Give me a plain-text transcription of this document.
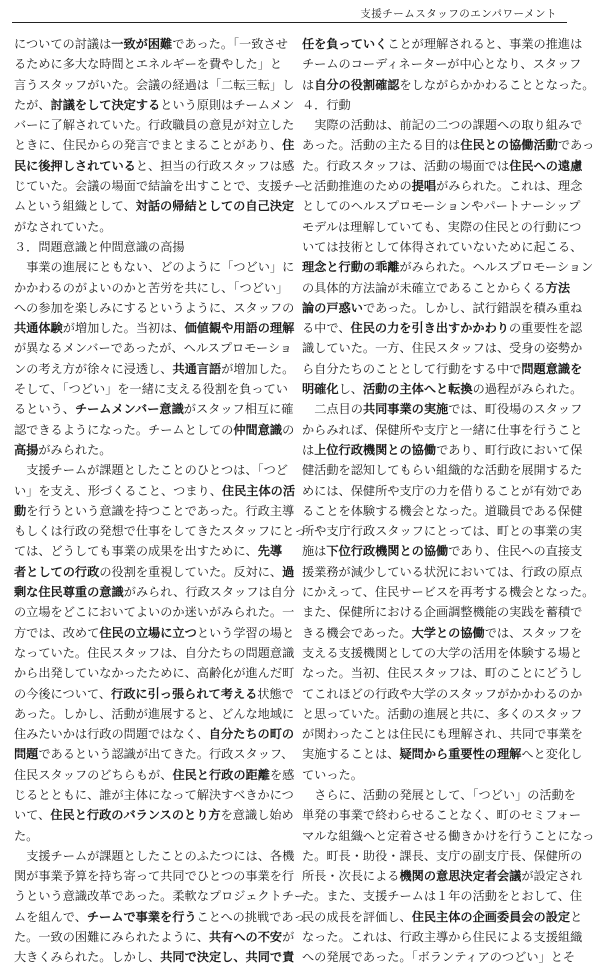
支援チームスタッフのエンパワーメント
についての討議は一致が困難であった。「一致させ
るために多大な時間とエネルギーを費やした」と
言うスタッフがいた。会議の経過は「二転三転」し
たが、討議をして決定するという原則はチームメン
バーに了解されていた。行政職員の意見が対立した
ときに、住民からの発言でまとまることがあり、住
民に後押しされていると、担当の行政スタッフは感
じていた。会議の場面で結論を出すことで、支援チー
ムという組織として、対話の帰結としての自己決定
がなされていた。
３．問題意識と仲間意識の高揚
事業の進展にともない、どのように「つどい」に
かかわるのがよいのかと苦労を共にし、「つどい」
への参加を楽しみにするというように、スタッフの
共通体験が増加した。当初は、価値観や用語の理解
が異なるメンバーであったが、ヘルスプロモーショ
ンの考え方が徐々に浸透し、共通言語が増加した。
そして、「つどい」を一緒に支える役割を負ってい
るという、チームメンバー意識がスタッフ相互に確
認できるようになった。チームとしての仲間意識の
高揚がみられた。
支援チームが課題としたことのひとつは、「つど
い」を支え、形づくること、つまり、住民主体の活
動を行うという意識を持つことであった。行政主導
もしくは行政の発想で仕事をしてきたスタッフにとっ
ては、どうしても事業の成果を出すために、先導
者としての行政の役割を重視していた。反対に、過
剰な住民尊重の意識がみられ、行政スタッフは自分
の立場をどこにおいてよいのか迷いがみられた。一
方では、改めて住民の立場に立つという学習の場と
なっていた。住民スタッフは、自分たちの問題意識
から出発していなかったために、高齢化が進んだ町
の今後について、行政に引っ張られて考える状態で
あった。しかし、活動が進展すると、どんな地域に
住みたいかは行政の問題ではなく、自分たちの町の
問題であるという認識が出てきた。行政スタッフ、
住民スタッフのどちらもが、住民と行政の距離を感
じるとともに、誰が主体になって解決すべきかにつ
いて、住民と行政のバランスのとり方を意識し始め
た。
支援チームが課題としたことのふたつには、各機
関が事業予算を持ち寄って共同でひとつの事業を行
うという意識改革であった。柔軟なプロジェクトチー
ムを組んで、チームで事業を行うことへの挑戦であっ
た。一致の困難にみられたように、共有への不安が
大きくみられた。しかし、共同で決定し、共同で責
任を負っていくことが理解されると、事業の推進は
チームのコーディネーターが中心となり、スタッフ
は自分の役割確認をしながらかかわることとなった。
４．行動
実際の活動は、前記の二つの課題への取り組みで
あった。活動の主たる目的は住民との協働活動であっ
た。行政スタッフは、活動の場面では住民への遠慮
と活動推進のための提唱がみられた。これは、理念
としてのヘルスプロモーションやパートナーシップ
モデルは理解していても、実際の住民との行動につ
いては技術として体得されていないために起こる、
理念と行動の乖離がみられた。ヘルスプロモーション
の具体的方法論が未確立であることからくる方法
論の戸惑いであった。しかし、試行錯誤を積み重ね
る中で、住民の力を引き出すかかわりの重要性を認
識していた。一方、住民スタッフは、受身の姿勢か
ら自分たちのこととして行動をする中で問題意識を
明確化し、活動の主体へと転換の過程がみられた。
二点目の共同事業の実施では、町役場のスタッフ
からみれば、保健所や支庁と一緒に仕事を行うこと
は上位行政機関との協働であり、町行政において保
健活動を認知してもらい組織的な活動を展開するた
めには、保健所や支庁の力を借りることが有効であ
ることを体験する機会となった。道職員である保健
所や支庁行政スタッフにとっては、町との事業の実
施は下位行政機関との協働であり、住民への直接支
援業務が減少している状況においては、行政の原点
にかえって、住民サービスを再考する機会となった。
また、保健所における企画調整機能の実践を蓄積で
きる機会であった。大学との協働では、スタッフを
支える支援機関としての大学の活用を体験する場と
なった。当初、住民スタッフは、町のことにどうし
てこれほどの行政や大学のスタッフがかかわるのか
と思っていた。活動の進展と共に、多くのスタッフ
が関わったことは住民にも理解され、共同で事業を
実施することは、疑問から重要性の理解へと変化し
ていった。
さらに、活動の発展として、「つどい」の活動を
単発の事業で終わらせることなく、町のセミフォー
マルな組織へと定着させる働きかけを行うことになっ
た。町長・助役・課長、支庁の副支庁長、保健所の
所長・次長による機関の意思決定者会議が設定され
た。また、支援チームは１年の活動をとおして、住
民の成長を評価し、住民主体の企画委員会の設定と
なった。これは、行政主導から住民による支援組織
への発展であった。「ボランティアのつどい」とそ
